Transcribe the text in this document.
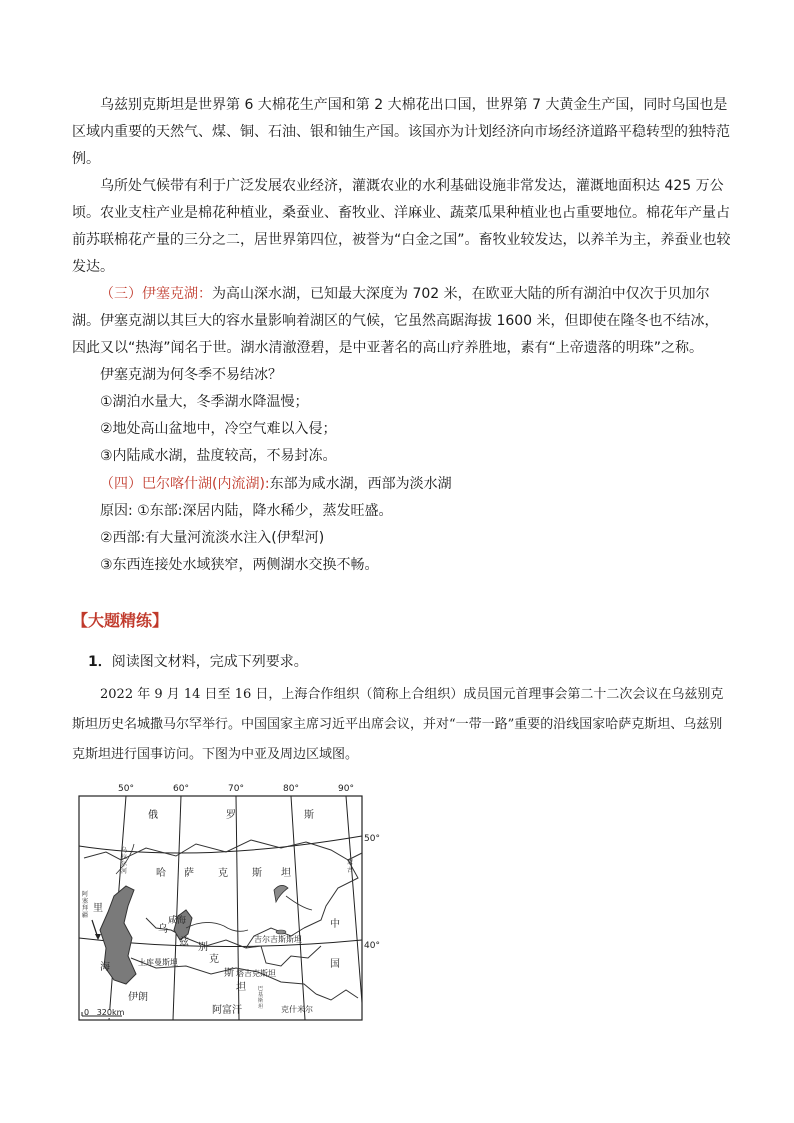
乌兹别克斯坦是世界第 6 大棉花生产国和第 2 大棉花出口国，世界第 7 大黄金生产国，同时乌国也是区域内重要的天然气、煤、铜、石油、银和铀生产国。该国亦为计划经济向市场经济道路平稳转型的独特范例。
乌所处气候带有利于广泛发展农业经济，灌溉农业的水利基础设施非常发达，灌溉地面积达 425 万公顷。农业支柱产业是棉花种植业，桑蚕业、畜牧业、洋麻业、蔬菜瓜果种植业也占重要地位。棉花年产量占前苏联棉花产量的三分之二，居世界第四位，被誉为“白金之国”。畜牧业较发达，以养羊为主，养蚕业也较发达。
（三）伊塞克湖：为高山深水湖，已知最大深度为 702 米，在欧亚大陆的所有湖泊中仅次于贝加尔湖。伊塞克湖以其巨大的容水量影响着湖区的气候，它虽然高踞海拔 1600 米，但即使在隆冬也不结冰，因此又以“热海”闻名于世。湖水清澈澄碧，是中亚著名的高山疗养胜地，素有“上帝遗落的明珠”之称。
伊塞克湖为何冬季不易结冰？
①湖泊水量大，冬季湖水降温慢；
②地处高山盆地中，冷空气难以入侵；
③内陆咸水湖，盐度较高，不易封冻。
（四）巴尔喀什湖(内流湖):东部为咸水湖，西部为淡水湖
原因: ①东部:深居内陆，降水稀少，蒸发旺盛。
②西部:有大量河流淡水注入(伊犁河)
③东西连接处水域狭窄，两侧湖水交换不畅。
【大题精练】
1．阅读图文材料，完成下列要求。
2022 年 9 月 14 日至 16 日，上海合作组织（简称上合组织）成员国元首理事会第二十二次会议在乌兹别克斯坦历史名城撒马尔罕举行。中国国家主席习近平出席会议，并对“一带一路”重要的沿线国家哈萨克斯坦、乌兹别克斯坦进行国事访问。下图为中亚及周边区域图。
50°	60°	70°	80°	90°
50°
40°
俄	罗	斯
哈 萨 克 斯 坦
乌
拉
尔
河
蒙
古
阿
塞
拜
疆
里
海
咸海
乌
兹 别
克
斯
坦
吉尔吉斯斯坦
中
国
土库曼斯坦
塔吉克斯坦
伊朗
阿富汗
巴
基
斯
坦 克什米尔
0   320km
